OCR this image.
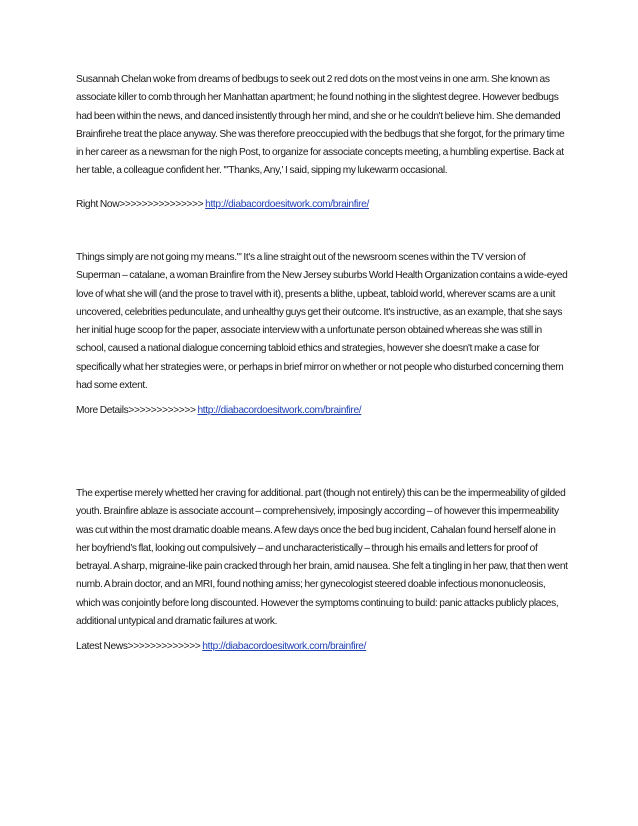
Susannah Chelan woke from dreams of bedbugs to seek out 2 red dots on the most veins in one arm. She known as associate killer to comb through her Manhattan apartment; he found nothing in the slightest degree. However bedbugs had been within the news, and danced insistently through her mind, and she or he couldn't believe him. She demanded Brainfirehe treat the place anyway. She was therefore preoccupied with the bedbugs that she forgot, for the primary time in her career as a newsman for the nigh Post, to organize for associate concepts meeting, a humbling expertise. Back at her table, a colleague confident her. '"Thanks, Any,' I said, sipping my lukewarm occasional.

Right Now>>>>>>>>>>>>>>> http://diabacordoesitwork.com/brainfire/

Things simply are not going my means.'" It's a line straight out of the newsroom scenes within the TV version of Superman – catalane, a woman Brainfire from the New Jersey suburbs World Health Organization contains a wide-eyed love of what she will (and the prose to travel with it), presents a blithe, upbeat, tabloid world, wherever scams are a unit uncovered, celebrities pedunculate, and unhealthy guys get their outcome. It's instructive, as an example, that she says her initial huge scoop for the paper, associate interview with a unfortunate person obtained whereas she was still in school, caused a national dialogue concerning tabloid ethics and strategies, however she doesn't make a case for specifically what her strategies were, or perhaps in brief mirror on whether or not people who disturbed concerning them had some extent.

More Details>>>>>>>>>>>> http://diabacordoesitwork.com/brainfire/

The expertise merely whetted her craving for additional. part (though not entirely) this can be the impermeability of gilded youth. Brainfire ablaze is associate account – comprehensively, imposingly according – of however this impermeability was cut within the most dramatic doable means. A few days once the bed bug incident, Cahalan found herself alone in her boyfriend's flat, looking out compulsively – and uncharacteristically – through his emails and letters for proof of betrayal. A sharp, migraine-like pain cracked through her brain, amid nausea. She felt a tingling in her paw, that then went numb. A brain doctor, and an MRI, found nothing amiss; her gynecologist steered doable infectious mononucleosis, which was conjointly before long discounted. However the symptoms continuing to build: panic attacks publicly places, additional untypical and dramatic failures at work.

Latest News>>>>>>>>>>>>> http://diabacordoesitwork.com/brainfire/
